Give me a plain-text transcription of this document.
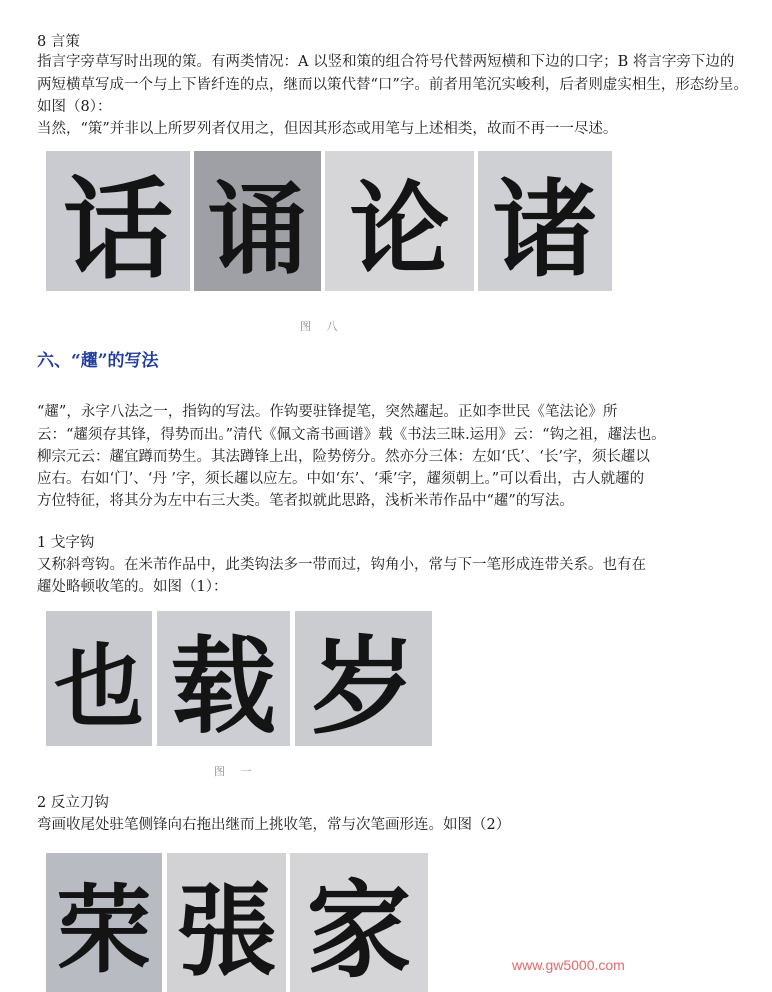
8 言策
指言字旁草写时出现的策。有两类情况：A 以竖和策的组合符号代替两短横和下边的口字；B 将言字旁下边的
两短横草写成一个与上下皆纤连的点，继而以策代替“口”字。前者用笔沉实峻利，后者则虚实相生，形态纷呈。
如图（8）：
当然，“策”并非以上所罗列者仅用之，但因其形态或用笔与上述相类，故而不再一一尽述。
话 诵 论 诸
图 八
六、“趯”的写法
“趯”，永字八法之一，指钩的写法。作钩要驻锋提笔，突然趯起。正如李世民《笔法论》所
云：“趯须存其锋，得势而出。”清代《佩文斋书画谱》载《书法三昧.运用》云：“钩之祖，趯法也。
柳宗元云：趯宜蹲而势生。其法蹲锋上出，险势傍分。然亦分三体：左如‘氏’、‘长’字，须长趯以
应右。右如‘门’、‘丹 ’字，须长趯以应左。中如‘东’、‘乘’字，趯须朝上。”可以看出，古人就趯的
方位特征，将其分为左中右三大类。笔者拟就此思路，浅析米芾作品中“趯”的写法。
1 戈字钩
又称斜弯钩。在米芾作品中，此类钩法多一带而过，钩角小，常与下一笔形成连带关系。也有在
趯处略顿收笔的。如图（1）：
也 载 岁
图 一
2 反立刀钩
弯画收尾处驻笔侧锋向右拖出继而上挑收笔，常与次笔画形连。如图（2）
荣 張 家	www.gw5000.com
